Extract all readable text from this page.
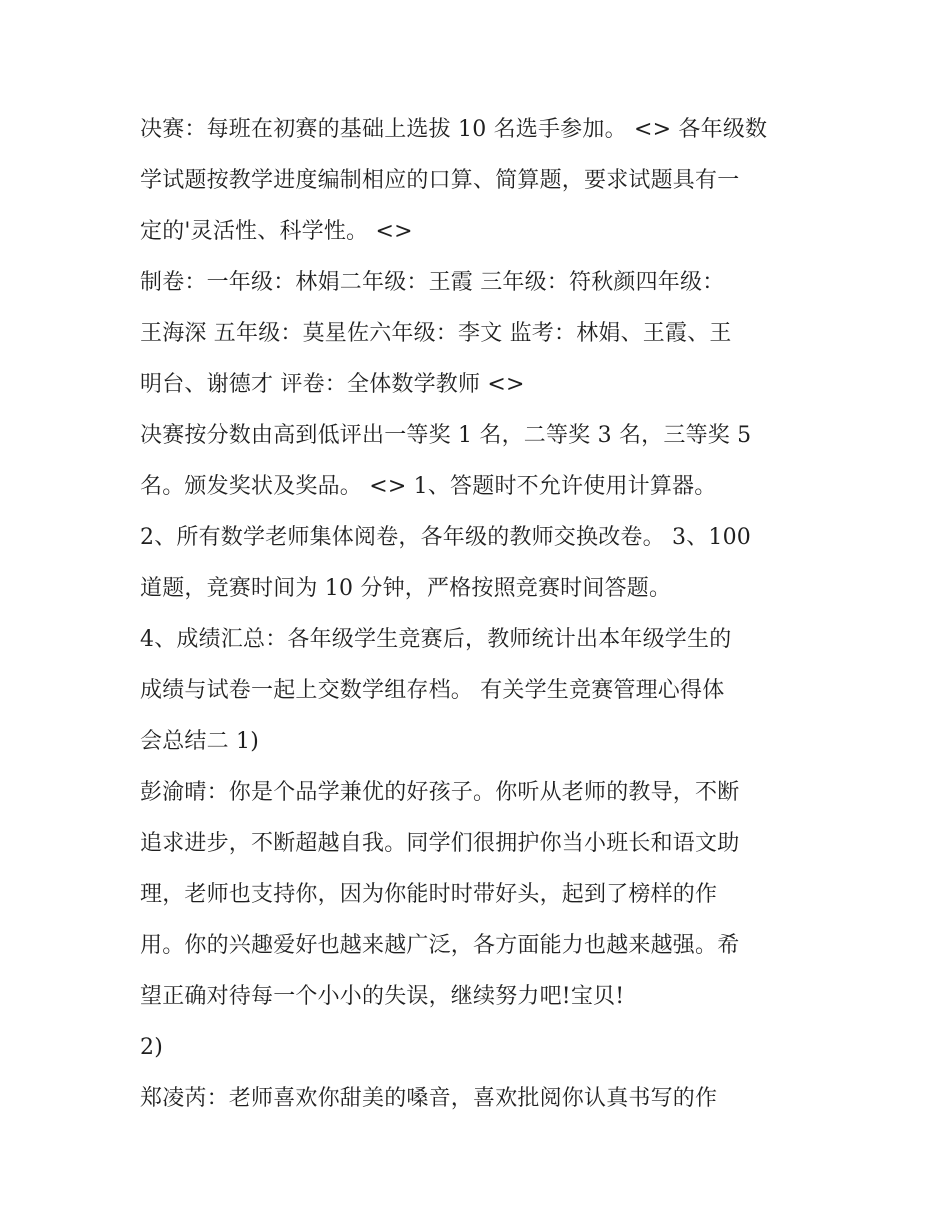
决赛：每班在初赛的基础上选拔 10 名选手参加。 <> 各年级数
学试题按教学进度编制相应的口算、简算题，要求试题具有一
定的'灵活性、科学性。 <>
制卷：一年级：林娟二年级：王霞 三年级：符秋颜四年级：
王海深 五年级：莫星佐六年级：李文 监考：林娟、王霞、王
明台、谢德才 评卷：全体数学教师 <>
决赛按分数由高到低评出一等奖 1 名，二等奖 3 名，三等奖 5
名。颁发奖状及奖品。 <> 1、答题时不允许使用计算器。
2、所有数学老师集体阅卷，各年级的教师交换改卷。 3、100
道题，竞赛时间为 10 分钟，严格按照竞赛时间答题。
4、成绩汇总：各年级学生竞赛后，教师统计出本年级学生的
成绩与试卷一起上交数学组存档。 有关学生竞赛管理心得体
会总结二 1)
彭渝晴：你是个品学兼优的好孩子。你听从老师的教导，不断
追求进步，不断超越自我。同学们很拥护你当小班长和语文助
理，老师也支持你，因为你能时时带好头，起到了榜样的作
用。你的兴趣爱好也越来越广泛，各方面能力也越来越强。希
望正确对待每一个小小的失误，继续努力吧!宝贝!
2)
郑凌芮：老师喜欢你甜美的嗓音，喜欢批阅你认真书写的作
